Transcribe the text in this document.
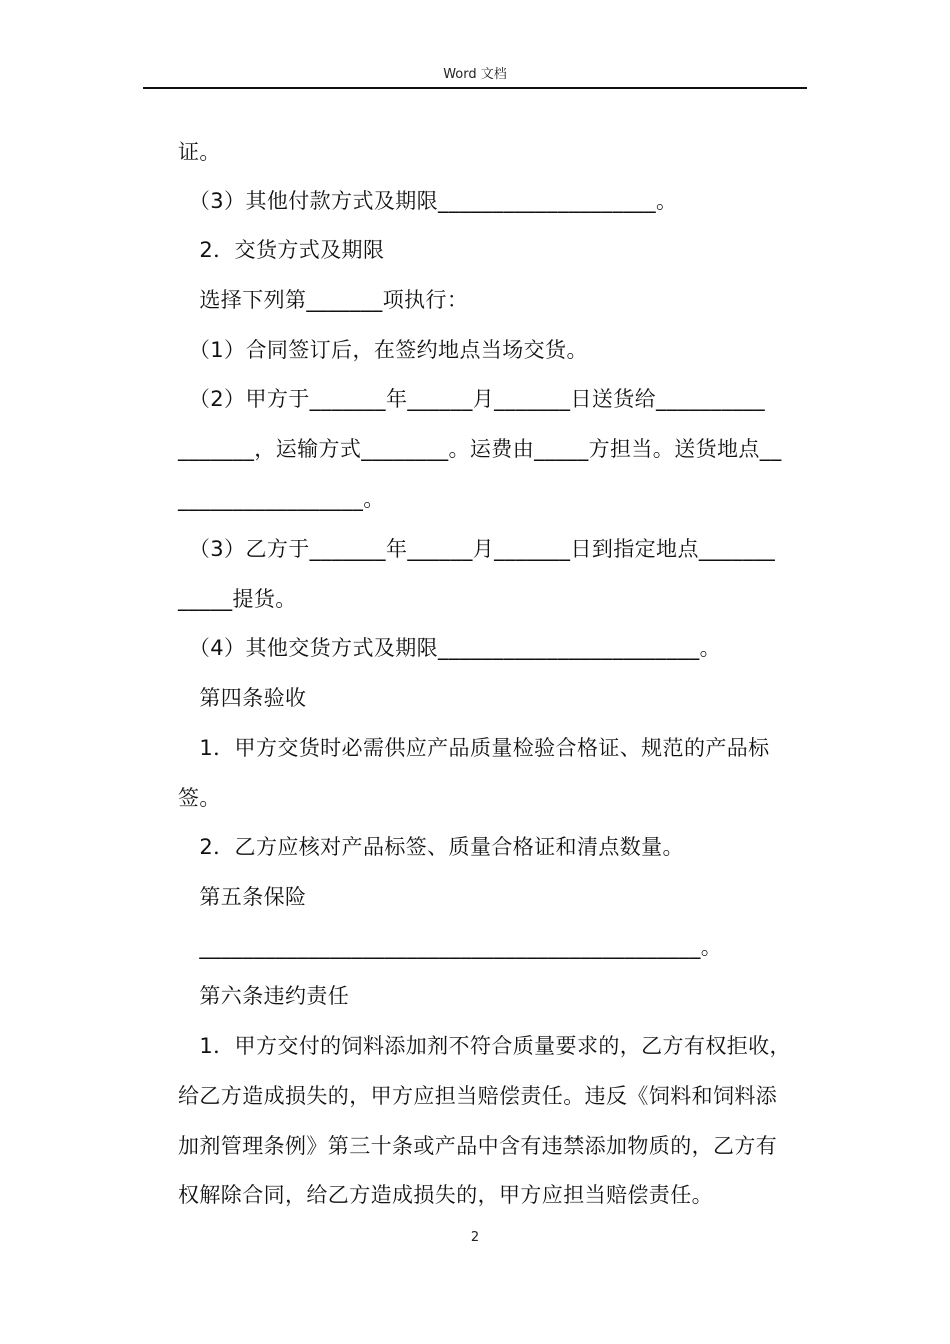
Word 文档
证。
　（3）其他付款方式及期限____________________。
　2．交货方式及期限
　选择下列第_______项执行：
　（1）合同签订后，在签约地点当场交货。
　（2）甲方于_______年______月_______日送货给__________
_______，运输方式________。运费由_____方担当。送货地点__
_________________。
　（3）乙方于_______年______月_______日到指定地点_______
_____提货。
　（4）其他交货方式及期限________________________。
　第四条验收
　1．甲方交货时必需供应产品质量检验合格证、规范的产品标
签。
　2．乙方应核对产品标签、质量合格证和清点数量。
　第五条保险
　______________________________________________。
　第六条违约责任
　1．甲方交付的饲料添加剂不符合质量要求的，乙方有权拒收，
给乙方造成损失的，甲方应担当赔偿责任。违反《饲料和饲料添
加剂管理条例》第三十条或产品中含有违禁添加物质的，乙方有
权解除合同，给乙方造成损失的，甲方应担当赔偿责任。
2
